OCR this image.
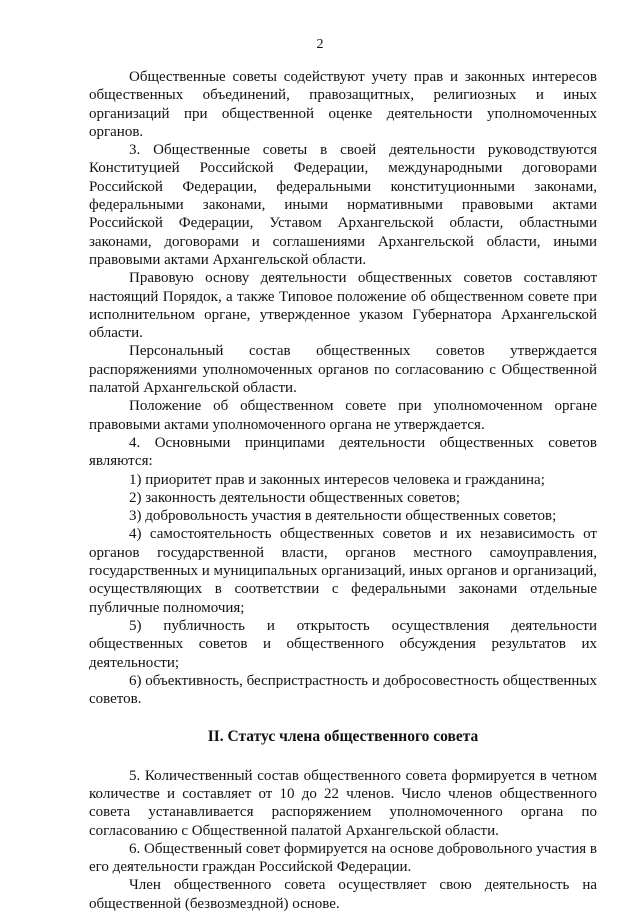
2

Общественные советы содействуют учету прав и законных интересов общественных объединений, правозащитных, религиозных и иных организаций при общественной оценке деятельности уполномоченных органов.

3. Общественные советы в своей деятельности руководствуются Конституцией Российской Федерации, международными договорами Российской Федерации, федеральными конституционными законами, федеральными законами, иными нормативными правовыми актами Российской Федерации, Уставом Архангельской области, областными законами, договорами и соглашениями Архангельской области, иными правовыми актами Архангельской области.

Правовую основу деятельности общественных советов составляют настоящий Порядок, а также Типовое положение об общественном совете при исполнительном органе, утвержденное указом Губернатора Архангельской области.

Персональный состав общественных советов утверждается распоряжениями уполномоченных органов по согласованию с Общественной палатой Архангельской области.

Положение об общественном совете при уполномоченном органе правовыми актами уполномоченного органа не утверждается.

4. Основными принципами деятельности общественных советов являются:

1) приоритет прав и законных интересов человека и гражданина;

2) законность деятельности общественных советов;

3) добровольность участия в деятельности общественных советов;

4) самостоятельность общественных советов и их независимость от органов государственной власти, органов местного самоуправления, государственных и муниципальных организаций, иных органов и организаций, осуществляющих в соответствии с федеральными законами отдельные публичные полномочия;

5) публичность и открытость осуществления деятельности общественных советов и общественного обсуждения результатов их деятельности;

6) объективность, беспристрастность и добросовестность общественных советов.

II. Статус члена общественного совета

5. Количественный состав общественного совета формируется в четном количестве и составляет от 10 до 22 членов. Число членов общественного совета устанавливается распоряжением уполномоченного органа по согласованию с Общественной палатой Архангельской области.

6. Общественный совет формируется на основе добровольного участия в его деятельности граждан Российской Федерации.

Член общественного совета осуществляет свою деятельность на общественной (безвозмездной) основе.
